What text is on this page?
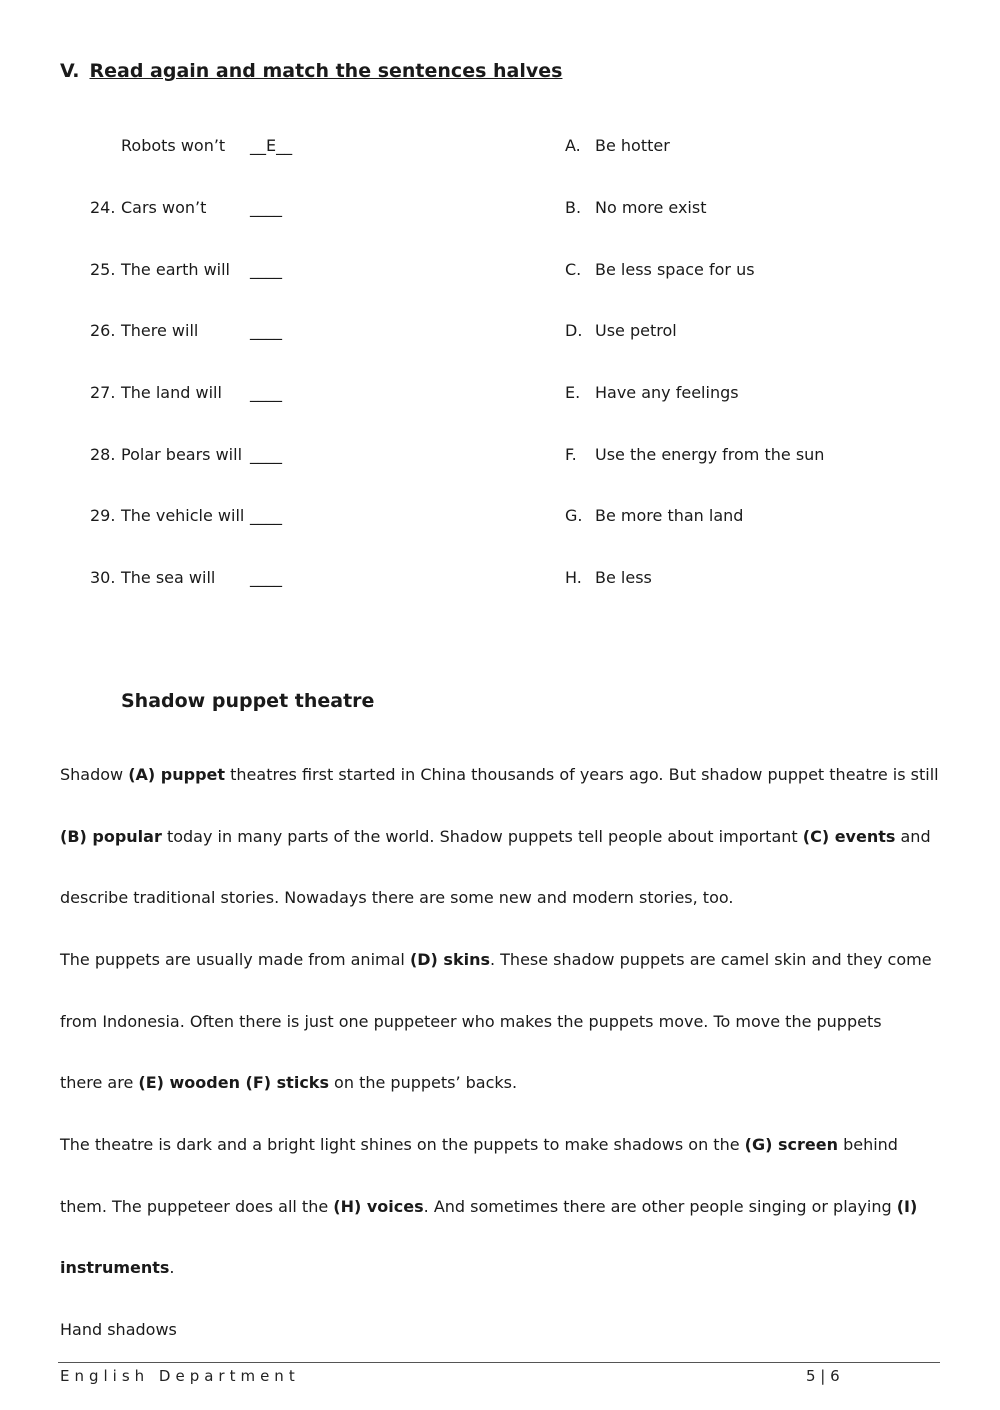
V. Read again and match the sentences halves
Robots won’t __E__	A. Be hotter
24. Cars won’t	____	B. No more exist
25. The earth will ____	C. Be less space for us
26. There will	____	D. Use petrol
27. The land will ____	E. Have any feelings
28. Polar bears will ____	F. Use the energy from the sun
29. The vehicle will ____	G. Be more than land
30. The sea will ____	H. Be less
Shadow puppet theatre
Shadow (A) puppet theatres first started in China thousands of years ago. But shadow puppet theatre is still
(B) popular today in many parts of the world. Shadow puppets tell people about important (C) events and
describe traditional stories. Nowadays there are some new and modern stories, too.
The puppets are usually made from animal (D) skins. These shadow puppets are camel skin and they come
from Indonesia. Often there is just one puppeteer who makes the puppets move. To move the puppets
there are (E) wooden (F) sticks on the puppets’ backs.
The theatre is dark and a bright light shines on the puppets to make shadows on the (G) screen behind
them. The puppeteer does all the (H) voices. And sometimes there are other people singing or playing (I)
instruments.
Hand shadows
English Department	5 | 6
